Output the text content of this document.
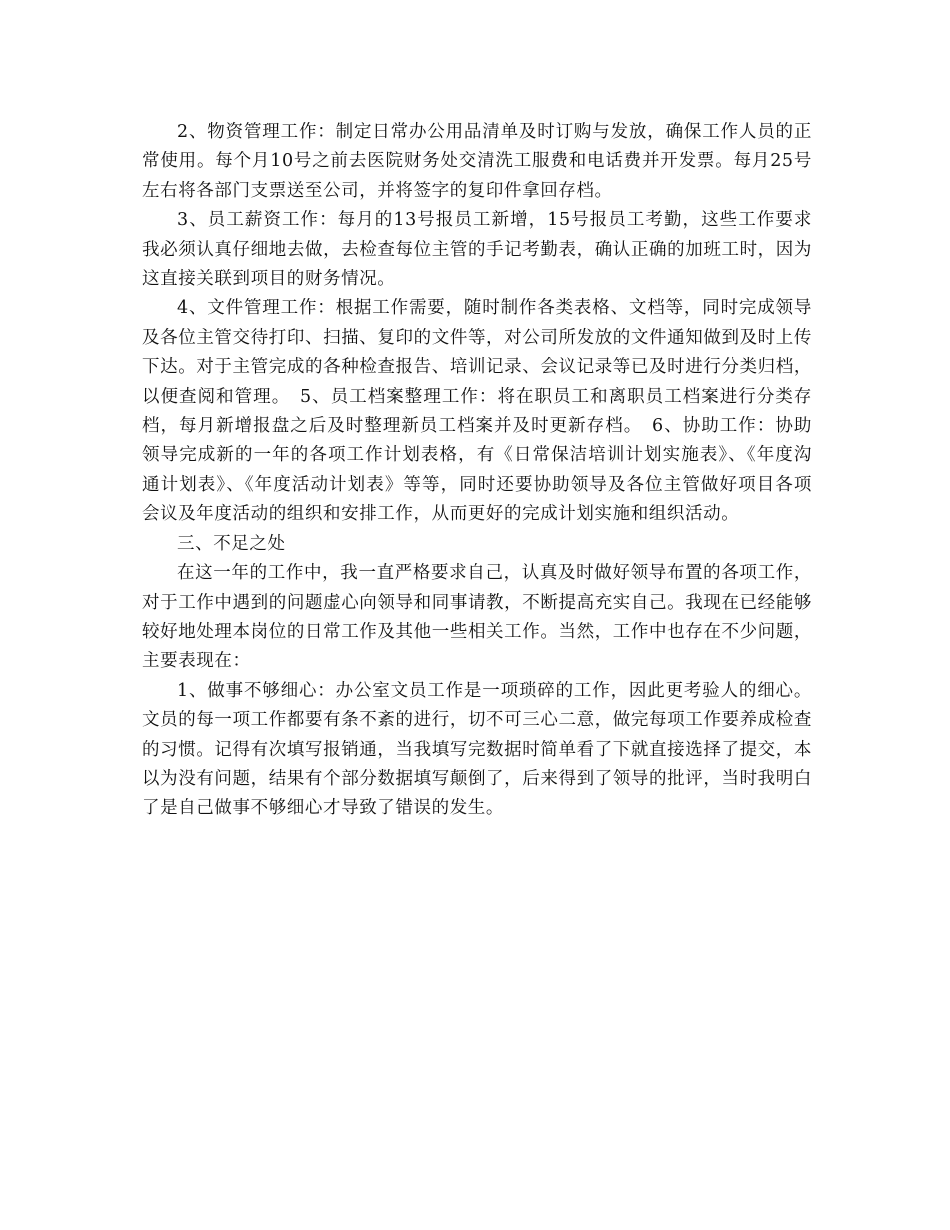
2、物资管理工作：制定日常办公用品清单及时订购与发放，确保工作人员的正常使用。每个月10号之前去医院财务处交清洗工服费和电话费并开发票。每月25号左右将各部门支票送至公司，并将签字的复印件拿回存档。

3、员工薪资工作：每月的13号报员工新增，15号报员工考勤，这些工作要求我必须认真仔细地去做，去检查每位主管的手记考勤表，确认正确的加班工时，因为这直接关联到项目的财务情况。

4、文件管理工作：根据工作需要，随时制作各类表格、文档等，同时完成领导及各位主管交待打印、扫描、复印的文件等，对公司所发放的文件通知做到及时上传下达。对于主管完成的各种检查报告、培训记录、会议记录等已及时进行分类归档，以便查阅和管理。　5、员工档案整理工作：将在职员工和离职员工档案进行分类存档，每月新增报盘之后及时整理新员工档案并及时更新存档。　6、协助工作：协助领导完成新的一年的各项工作计划表格，有《日常保洁培训计划实施表》、《年度沟通计划表》、《年度活动计划表》等等，同时还要协助领导及各位主管做好项目各项会议及年度活动的组织和安排工作，从而更好的完成计划实施和组织活动。

三、不足之处

在这一年的工作中，我一直严格要求自己，认真及时做好领导布置的各项工作，对于工作中遇到的问题虚心向领导和同事请教，不断提高充实自己。我现在已经能够较好地处理本岗位的日常工作及其他一些相关工作。当然，工作中也存在不少问题，主要表现在：

1、做事不够细心：办公室文员工作是一项琐碎的工作，因此更考验人的细心。文员的每一项工作都要有条不紊的进行，切不可三心二意，做完每项工作要养成检查的习惯。记得有次填写报销通，当我填写完数据时简单看了下就直接选择了提交，本以为没有问题，结果有个部分数据填写颠倒了，后来得到了领导的批评，当时我明白了是自己做事不够细心才导致了错误的发生。
